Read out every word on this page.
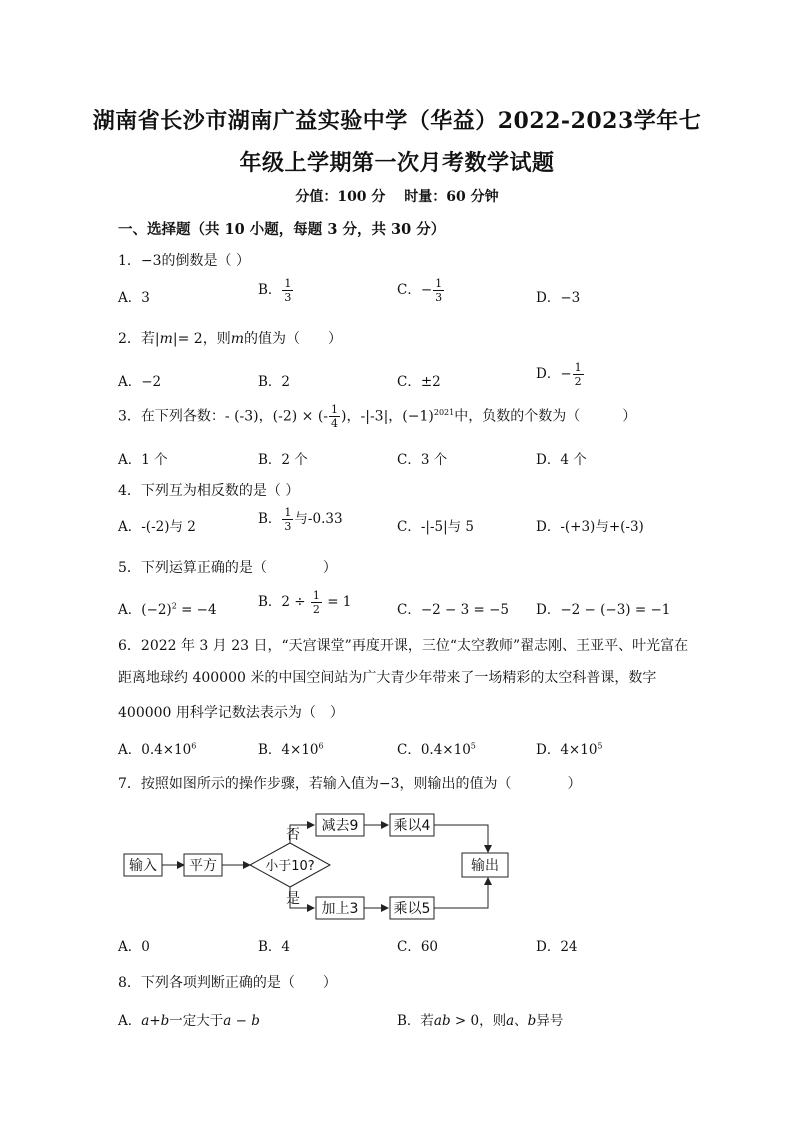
湖南省长沙市湖南广益实验中学（华益）2022-2023学年七
年级上学期第一次月考数学试题
分值：100 分　 时量：60 分钟
一、选择题（共 10 小题，每题 3 分，共 30 分）
1．−3的倒数是（ ）
A．3	B． $\frac{1}{3}$	C．− $\frac{1}{3}$	D．−3
2．若|m|= 2，则m的值为（　　）
A．−2	B．2	C．±2	D．− $\frac{1}{2}$
3．在下列各数：- (-3)，(-2) × (- $\frac{1}{4}$ )，-|-3|，$(-1)^{2021}$中，负数的个数为（　　　）
A．1 个	B．2 个	C．3 个	D．4 个
4．下列互为相反数的是（ ）
A．-(-2)与 2	B． $\frac{1}{3}$ 与-0.33	C．-|-5|与 5	D．-(+3)与+(-3)
5．下列运算正确的是（　　　　）
A．$(-2)^2 = -4$	B．$2 \div \frac{1}{2} = 1$	C．−2 − 3 = −5 D．−2 − (−3) = −1
6．2022 年 3 月 23 日，“天宫课堂”再度开课，三位“太空教师”翟志刚、王亚平、叶光富在
距离地球约 400000 米的中国空间站为广大青少年带来了一场精彩的太空科普课，数字
400000 用科学记数法表示为（　）
A．$0.4\times 10^6$	B．$4\times 10^6$	C．$0.4\times 10^5$	D．$4\times 10^5$
7．按照如图所示的操作步骤，若输入值为−3，则输出的值为（　　　　）
输入 平方	小于10?
否
减去9	乘以4
是
加上3	乘以5
输出
A．0	B．4	C．60	D．24
8．下列各项判断正确的是（　　）
A．a+b一定大于a − b	B．若ab > 0，则a、b异号
